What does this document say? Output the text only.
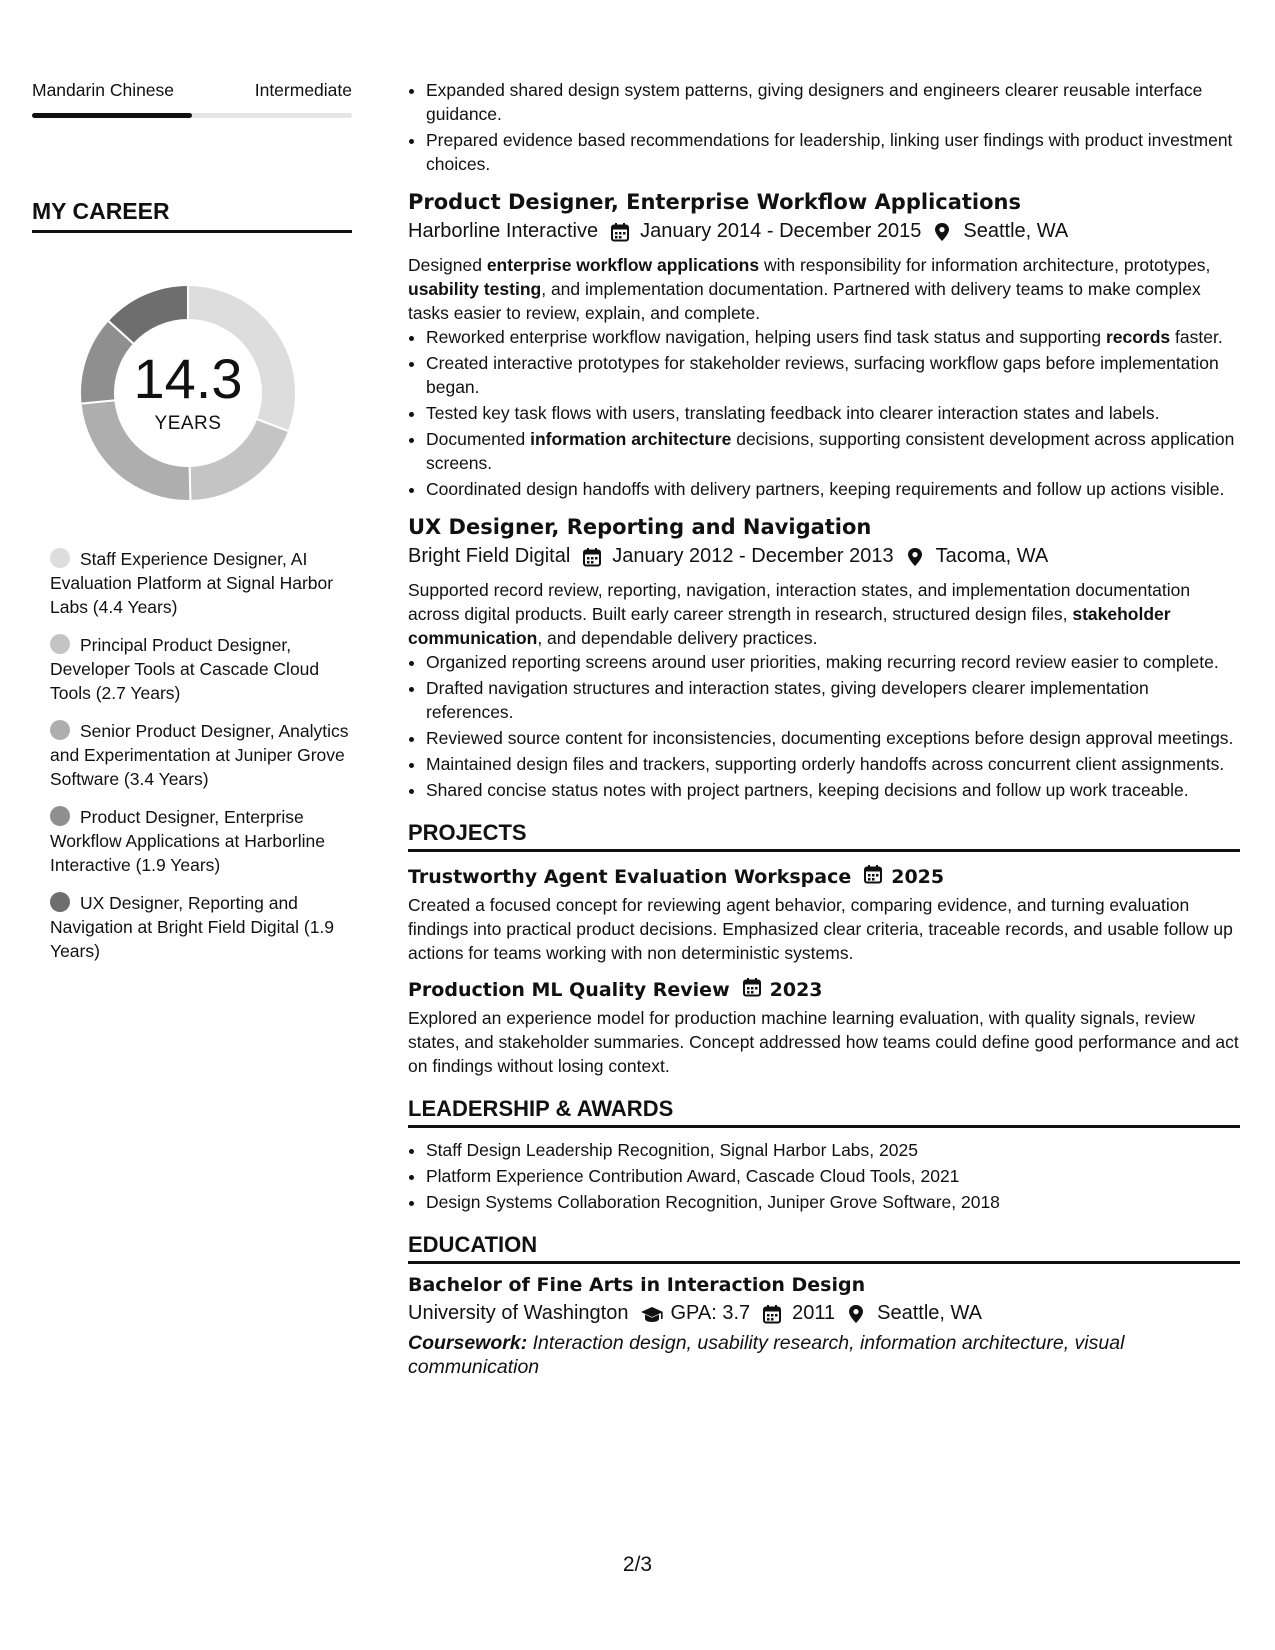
Mandarin Chinese	Intermediate
MY CAREER
14.3
YEARS
Staff Experience Designer, AI Evaluation Platform at Signal Harbor Labs (4.4 Years)
Principal Product Designer, Developer Tools at Cascade Cloud Tools (2.7 Years)
Senior Product Designer, Analytics and Experimentation at Juniper Grove Software (3.4 Years)
Product Designer, Enterprise Workflow Applications at Harborline Interactive (1.9 Years)
UX Designer, Reporting and Navigation at Bright Field Digital (1.9 Years)
• Expanded shared design system patterns, giving designers and engineers clearer reusable interface guidance.
• Prepared evidence based recommendations for leadership, linking user findings with product investment choices.
Product Designer, Enterprise Workflow Applications
Harborline Interactive January 2014 - December 2015 Seattle, WA
Designed enterprise workflow applications with responsibility for information architecture, prototypes, usability testing, and implementation documentation. Partnered with delivery teams to make complex tasks easier to review, explain, and complete.
• Reworked enterprise workflow navigation, helping users find task status and supporting records faster.
• Created interactive prototypes for stakeholder reviews, surfacing workflow gaps before implementation began.
• Tested key task flows with users, translating feedback into clearer interaction states and labels.
• Documented information architecture decisions, supporting consistent development across application screens.
• Coordinated design handoffs with delivery partners, keeping requirements and follow up actions visible.
UX Designer, Reporting and Navigation
Bright Field Digital January 2012 - December 2013 Tacoma, WA
Supported record review, reporting, navigation, interaction states, and implementation documentation across digital products. Built early career strength in research, structured design files, stakeholder communication, and dependable delivery practices.
• Organized reporting screens around user priorities, making recurring record review easier to complete.
• Drafted navigation structures and interaction states, giving developers clearer implementation references.
• Reviewed source content for inconsistencies, documenting exceptions before design approval meetings.
• Maintained design files and trackers, supporting orderly handoffs across concurrent client assignments.
• Shared concise status notes with project partners, keeping decisions and follow up work traceable.
PROJECTS
Trustworthy Agent Evaluation Workspace 2025
Created a focused concept for reviewing agent behavior, comparing evidence, and turning evaluation findings into practical product decisions. Emphasized clear criteria, traceable records, and usable follow up actions for teams working with non deterministic systems.
Production ML Quality Review 2023
Explored an experience model for production machine learning evaluation, with quality signals, review states, and stakeholder summaries. Concept addressed how teams could define good performance and act on findings without losing context.
LEADERSHIP & AWARDS
• Staff Design Leadership Recognition, Signal Harbor Labs, 2025
• Platform Experience Contribution Award, Cascade Cloud Tools, 2021
• Design Systems Collaboration Recognition, Juniper Grove Software, 2018
EDUCATION
Bachelor of Fine Arts in Interaction Design
University of Washington GPA: 3.7 2011 Seattle, WA
Coursework: Interaction design, usability research, information architecture, visual communication
2/3
